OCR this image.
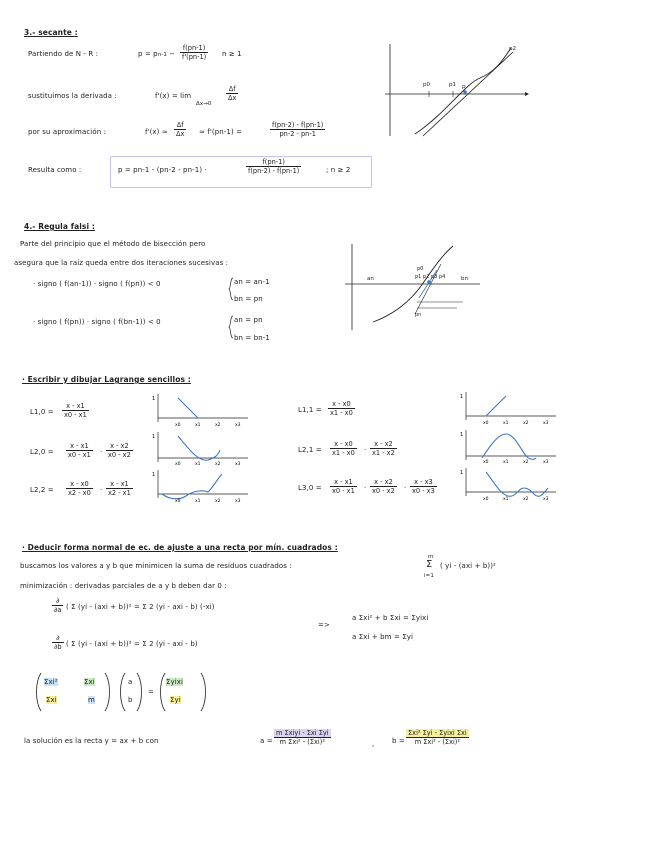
3.- secante :
Partiendo de N - R :	$p = pn-1 - \frac{f(pn-1)}{f'(pn-1)}$ n ≥ 1
sustituimos la derivada :	f'(x) = lim
Δx→0
$\frac{\Delta f}{\Delta x}$
por su aproximación :	$f'(x) \approx \frac{\Delta f}{\Delta x} \approx f'(pn-1)$ =	$\frac{f(pn-2) - f(pn-1)}{pn-2 - pn-1}$
Resulta como :	p = pn-1 - (pn-2 - pn-1) ·	$\frac{f(pn-1)}{f(pn-2) - f(pn-1)}$	; n ≥ 2
p0	p1 p
p2
4.- Regula falsi :
Parte del principio que el método de bisección pero
asegura que la raíz queda entre dos iteraciones sucesivas :
· signo ( f(an-1)) · signo ( f(pn)) < 0	an = an-1
bn = pn
· signo ( f(pn)) · signo ( f(bn-1)) < 0	an = pn
bn = bn-1
an	bn
p0
p1 p2 p3 p4
pn
· Escribir y dibujar Lagrange sencillos :
$L1,0 = \frac{x - x1}{x0 - x1}$
$L2,0 = \frac{x - x1}{x0 - x1} \cdot \frac{x - x2}{x0 - x2}$
$L2,2 = \frac{x - x0}{x2 - x0} \cdot \frac{x - x1}{x2 - x1}$
$L1,1 = \frac{x - x0}{x1 - x0}$
$L2,1 = \frac{x - x0}{x1 - x0} \cdot \frac{x - x2}{x1 - x2}$
$L3,0 = \frac{x - x1}{x0 - x1} \cdot \frac{x - x2}{x0 - x2} \cdot \frac{x - x3}{x0 - x3}$
1
x0	x1	x2	x3
1
x0	x1	x2	x3
1
x0	x1	x2	x3
1
x0	x1	x2	x3
1
x0	x1	x2	x3
1
x0	x1	x2	x3
· Deducir forma normal de ec. de ajuste a una recta por mín. cuadrados :
buscamos los valores a y b que minimicen la suma de residuos cuadrados :
m
Σ
i=1
( yi - (axi + b))²
minimización : derivadas parciales de a y b deben dar 0 :
∂
∂a ( Σ (yi - (axi + b))² = Σ 2 (yi - axi - b) (-xi)
∂
∂b ( Σ (yi - (axi + b))² = Σ 2 (yi - axi - b)
=>
a Σxi² + b Σxi = Σyixi
a Σxi + bm = Σyi
Σxi²	Σxi
Σxi	m
a
b
=
Σyixi
Σyi
la solución es la recta y = ax + b con	a =
m Σxiyi - Σxi Σyi
m Σxi² - (Σxi)²	,	b =
Σxi² Σyi - Σyixi Σxi
m Σxi² - (Σxi)²
